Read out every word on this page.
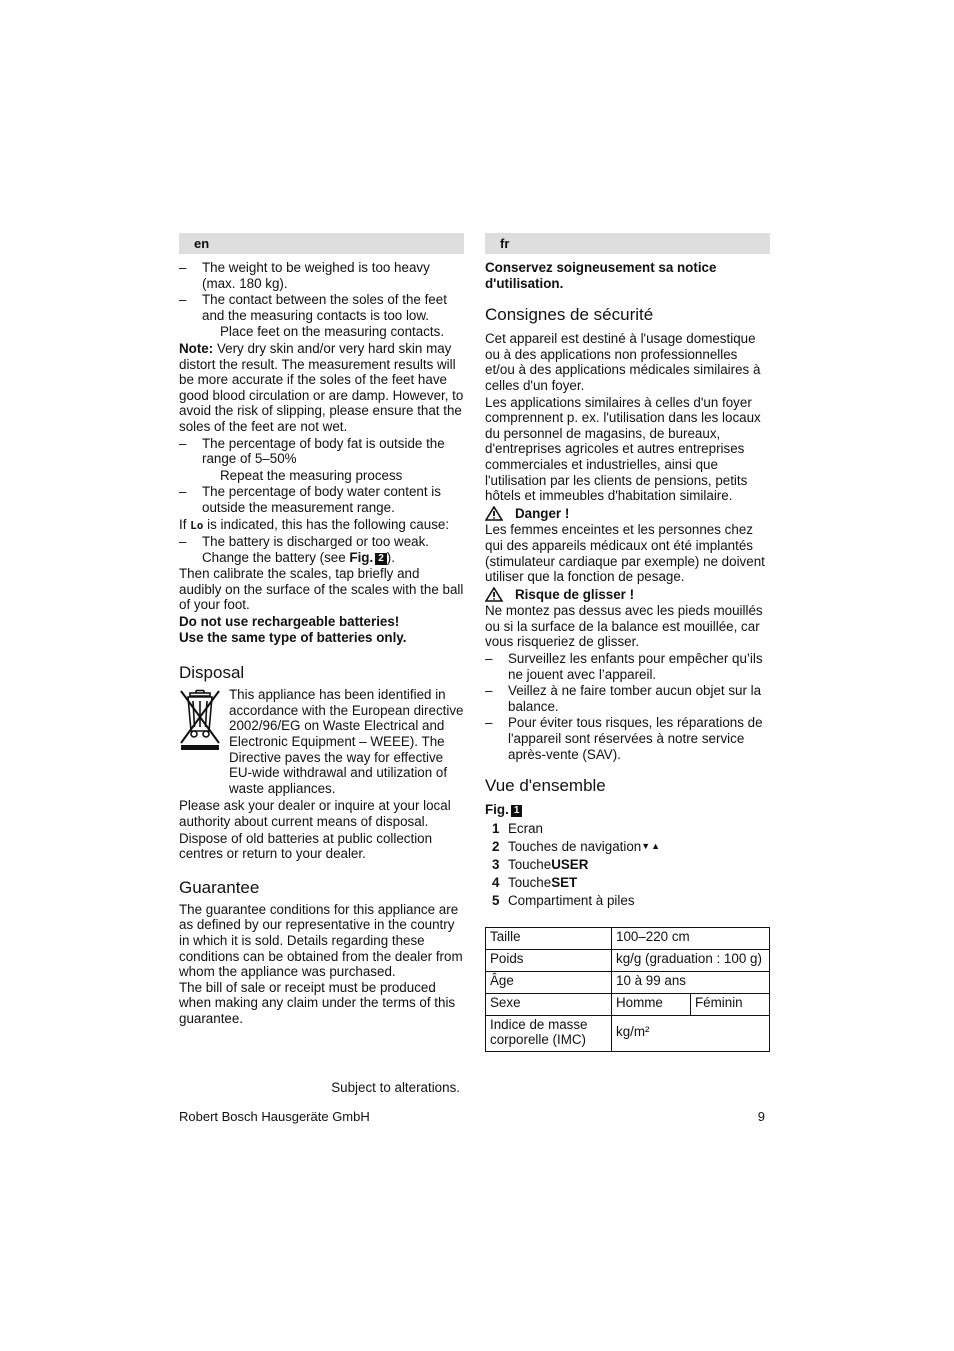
en
– The weight to be weighed is too heavy (max. 180 kg).
– The contact between the soles of the feet and the measuring contacts is too low.
Place feet on the measuring contacts.

Note: Very dry skin and/or very hard skin may distort the result. The measurement results will be more accurate if the soles of the feet have good blood circulation or are damp. However, to avoid the risk of slipping, please ensure that the soles of the feet are not wet.

– The percentage of body fat is outside the range of 5–50%
Repeat the measuring process
– The percentage of body water content is outside the measurement range.

If Lo is indicated, this has the following cause:

– The battery is discharged or too weak. Change the battery (see Fig. 2 ).

Then calibrate the scales, tap briefly and audibly on the surface of the scales with the ball of your foot.

Do not use rechargeable batteries!

Use the same type of batteries only.

Disposal
This appliance has been identified in accordance with the European directive 2002/96/EG on Waste Electrical and Electronic Equipment – WEEE). The Directive paves the way for effective EU-wide withdrawal and utilization of waste appliances.

Please ask your dealer or inquire at your local authority about current means of disposal.

Dispose of old batteries at public collection centres or return to your dealer.

Guarantee

The guarantee conditions for this appliance are as defined by our representative in the country in which it is sold. Details regarding these conditions can be obtained from the dealer from whom the appliance was purchased.

The bill of sale or receipt must be produced when making any claim under the terms of this guarantee.

fr

Conservez soigneusement sa notice d'utilisation.

Consignes de sécurité

Cet appareil est destiné à l'usage domestique ou à des applications non professionnelles et/ou à des applications médicales similaires à celles d'un foyer.

Les applications similaires à celles d'un foyer comprennent p. ex. l'utilisation dans les locaux du personnel de magasins, de bureaux, d'entreprises agricoles et autres entreprises commerciales et industrielles, ainsi que l'utilisation par les clients de pensions, petits hôtels et immeubles d'habitation similaire.

Danger !

Les femmes enceintes et les personnes chez qui des appareils médicaux ont été implantés (stimulateur cardiaque par exemple) ne doivent utiliser que la fonction de pesage.

Risque de glisser !

Ne montez pas dessus avec les pieds mouillés ou si la surface de la balance est mouillée, car vous risqueriez de glisser.

– Surveillez les enfants pour empêcher qu’ils ne jouent avec l’appareil.
– Veillez à ne faire tomber aucun objet sur la balance.
– Pour éviter tous risques, les réparations de l'appareil sont réservées à notre service après-vente (SAV).
Vue d'ensemble

Fig. 1

1 Ecran
2 Touches de navigation ▼▲
3 Touche USER
4 Touche SET
5 Compartiment à piles
Taille	100–220 cm	
Poids	kg/g (graduation : 100 g)	
Âge	10 à 99 ans	
Sexe	Homme	Féminin
Indice de masse corporelle (IMC)	kg/m²	
Subject to alterations.
Robert Bosch Hausgeräte GmbH	9
